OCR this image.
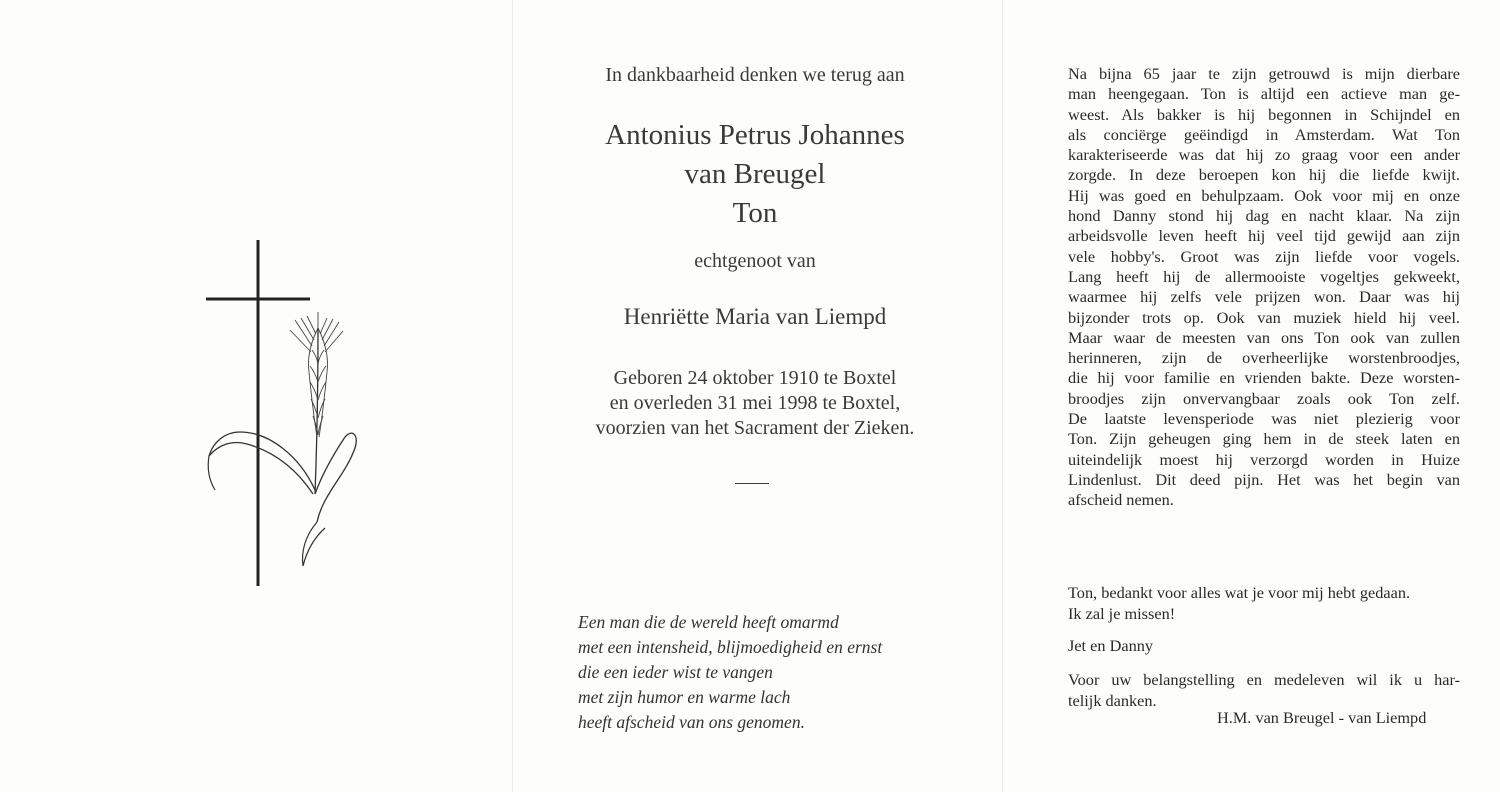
In dankbaarheid denken we terug aan
Antonius Petrus Johannes
van Breugel
Ton
echtgenoot van
Henriëtte Maria van Liempd
Geboren 24 oktober 1910 te Boxtel
en overleden 31 mei 1998 te Boxtel,
voorzien van het Sacrament der Zieken.
Een man die de wereld heeft omarmd
met een intensheid, blijmoedigheid en ernst
die een ieder wist te vangen
met zijn humor en warme lach
heeft afscheid van ons genomen.
Na bijna 65 jaar te zijn getrouwd is mijn dierbare
man heengegaan. Ton is altijd een actieve man ge-
weest. Als bakker is hij begonnen in Schijndel en
als conciërge geëindigd in Amsterdam. Wat Ton
karakteriseerde was dat hij zo graag voor een ander
zorgde. In deze beroepen kon hij die liefde kwijt.
Hij was goed en behulpzaam. Ook voor mij en onze
hond Danny stond hij dag en nacht klaar. Na zijn
arbeidsvolle leven heeft hij veel tijd gewijd aan zijn
vele hobby's. Groot was zijn liefde voor vogels.
Lang heeft hij de allermooiste vogeltjes gekweekt,
waarmee hij zelfs vele prijzen won. Daar was hij
bijzonder trots op. Ook van muziek hield hij veel.
Maar waar de meesten van ons Ton ook van zullen
herinneren, zijn de overheerlijke worstenbroodjes,
die hij voor familie en vrienden bakte. Deze worsten-
broodjes zijn onvervangbaar zoals ook Ton zelf.
De laatste levensperiode was niet plezierig voor
Ton. Zijn geheugen ging hem in de steek laten en
uiteindelijk moest hij verzorgd worden in Huize
Lindenlust. Dit deed pijn. Het was het begin van
afscheid nemen.
Ton, bedankt voor alles wat je voor mij hebt gedaan.
Ik zal je missen!
Jet en Danny
Voor uw belangstelling en medeleven wil ik u har-
telijk danken.
H.M. van Breugel - van Liempd
